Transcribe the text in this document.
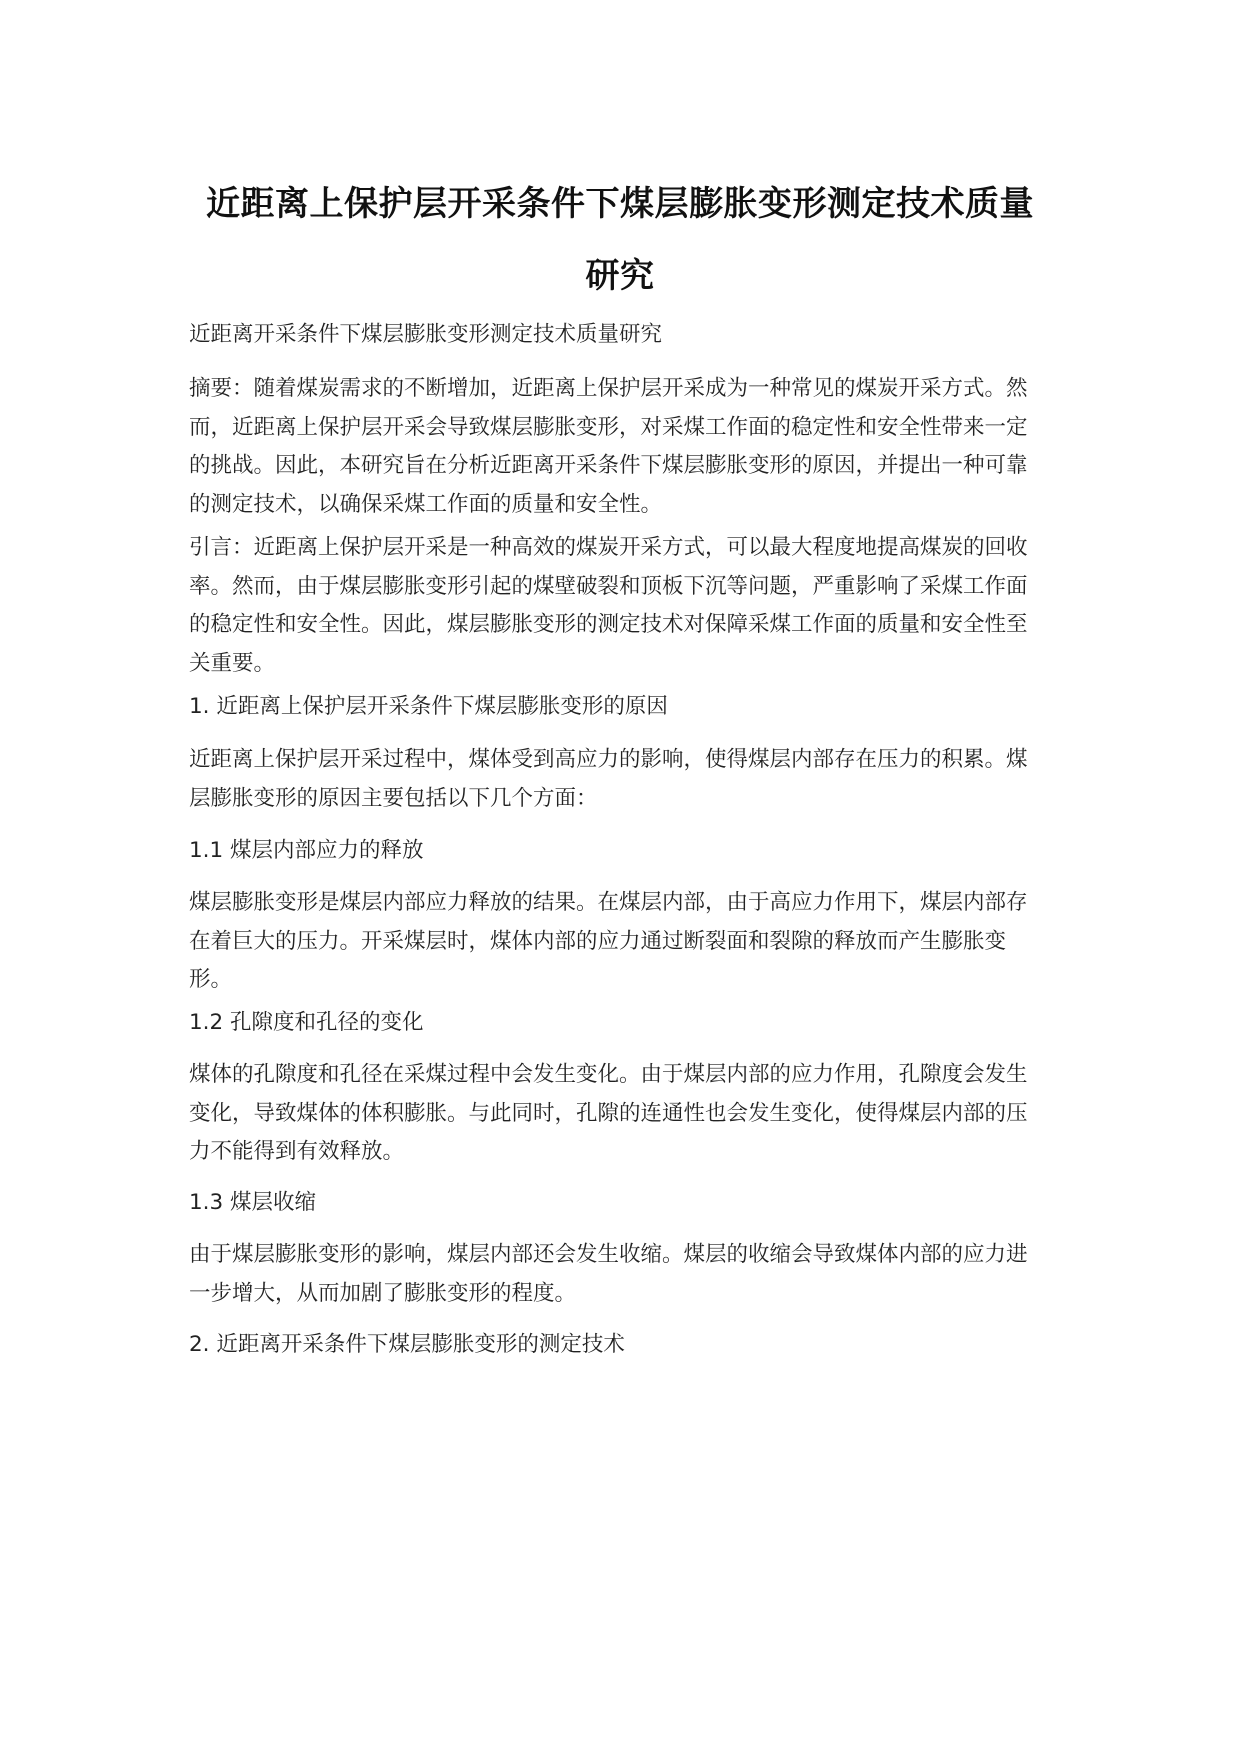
近距离上保护层开采条件下煤层膨胀变形测定技术质量研究

近距离开采条件下煤层膨胀变形测定技术质量研究

摘要：随着煤炭需求的不断增加，近距离上保护层开采成为一种常见的煤炭开采方式。然而，近距离上保护层开采会导致煤层膨胀变形，对采煤工作面的稳定性和安全性带来一定的挑战。因此，本研究旨在分析近距离开采条件下煤层膨胀变形的原因，并提出一种可靠的测定技术，以确保采煤工作面的质量和安全性。

引言：近距离上保护层开采是一种高效的煤炭开采方式，可以最大程度地提高煤炭的回收率。然而，由于煤层膨胀变形引起的煤壁破裂和顶板下沉等问题，严重影响了采煤工作面的稳定性和安全性。因此，煤层膨胀变形的测定技术对保障采煤工作面的质量和安全性至关重要。

1. 近距离上保护层开采条件下煤层膨胀变形的原因

近距离上保护层开采过程中，煤体受到高应力的影响，使得煤层内部存在压力的积累。煤层膨胀变形的原因主要包括以下几个方面：

1.1 煤层内部应力的释放

煤层膨胀变形是煤层内部应力释放的结果。在煤层内部，由于高应力作用下，煤层内部存在着巨大的压力。开采煤层时，煤体内部的应力通过断裂面和裂隙的释放而产生膨胀变形。

1.2 孔隙度和孔径的变化

煤体的孔隙度和孔径在采煤过程中会发生变化。由于煤层内部的应力作用，孔隙度会发生变化，导致煤体的体积膨胀。与此同时，孔隙的连通性也会发生变化，使得煤层内部的压力不能得到有效释放。

1.3 煤层收缩

由于煤层膨胀变形的影响，煤层内部还会发生收缩。煤层的收缩会导致煤体内部的应力进一步增大，从而加剧了膨胀变形的程度。

2. 近距离开采条件下煤层膨胀变形的测定技术
